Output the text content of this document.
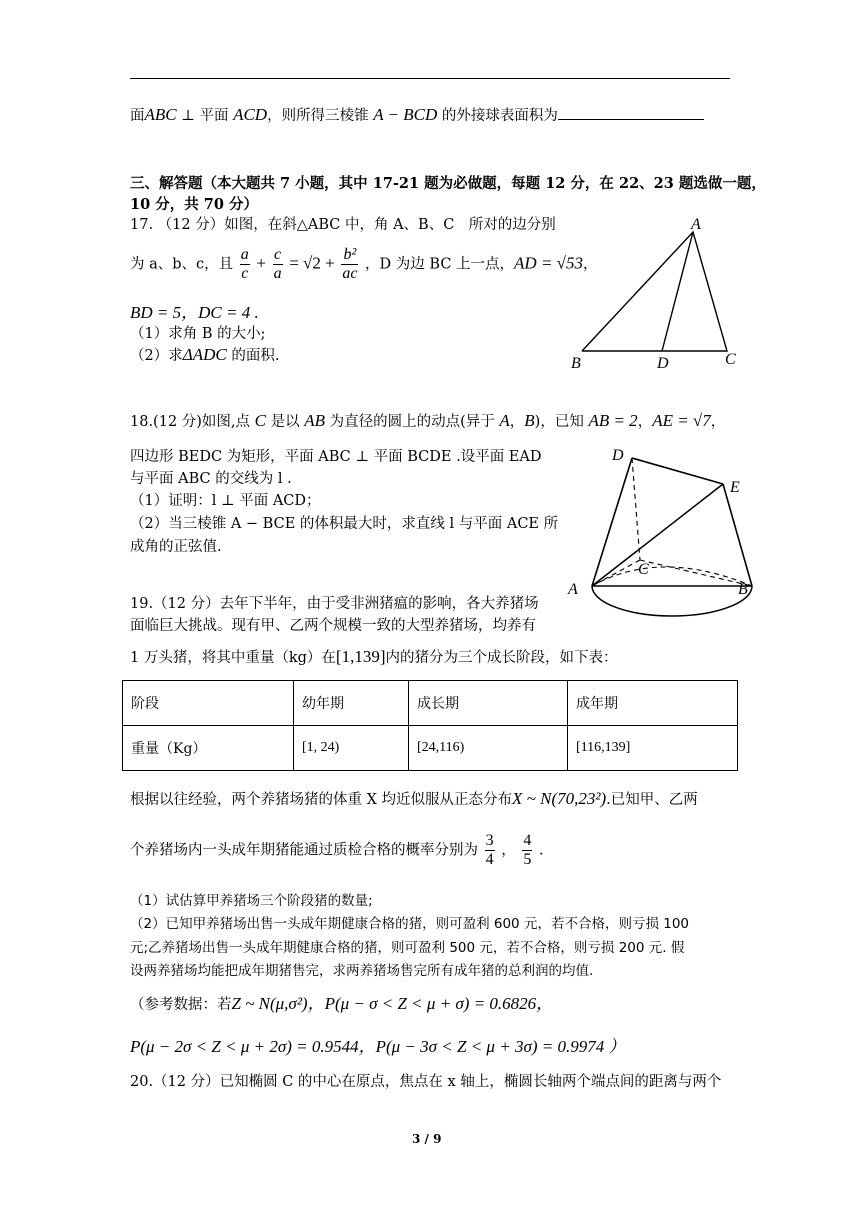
面ABC ⊥ 平面 ACD，则所得三棱锥 A − BCD 的外接球表面积为
三、解答题（本大题共 7 小题，其中 17-21 题为必做题，每题 12 分，在 22、23 题选做一题，
10 分，共 70 分）
17. （12 分）如图，在斜△ABC 中，角 A、B、C　所对的边分别
为 a、b、c，且 $\frac{a}{c} + \frac{c}{a} = √2 + \frac{\text{b²}}{ac}$ ，D 为边 BC 上一点，AD = √53，
BD = 5，DC = 4 .
（1）求角 B 的大小;
（2）求ΔADC 的面积.
A
B	D	C
18.(12 分)如图,点 C 是以 AB 为直径的圆上的动点(异于 A，B)，已知 AB = 2，AE = √7，
四边形 BEDC 为矩形，平面 ABC ⊥ 平面 BCDE .设平面 EAD
与平面 ABC 的交线为 l .
（1）证明：l ⊥ 平面 ACD；
（2）当三棱锥 A − BCE 的体积最大时，求直线 l 与平面 ACE 所
成角的正弦值.
D
E
A
C
B
19.（12 分）去年下半年，由于受非洲猪瘟的影响，各大养猪场
面临巨大挑战。现有甲、乙两个规模一致的大型养猪场，均养有
1 万头猪，将其中重量（kg）在[1,139]内的猪分为三个成长阶段，如下表：
阶段	幼年期	成长期	成年期
重量（Kg）	[1, 24)	[24,116)	[116,139]
根据以往经验，两个养猪场猪的体重 X 均近似服从正态分布X ~ N(70,23²).已知甲、乙两
个养猪场内一头成年期猪能通过质检合格的概率分别为 $\frac{3}{4}$ ， $\frac{4}{5}$ .
（1）试估算甲养猪场三个阶段猪的数量;
（2）已知甲养猪场出售一头成年期健康合格的猪，则可盈利 600 元，若不合格，则亏损 100
元;乙养猪场出售一头成年期健康合格的猪，则可盈利 500 元，若不合格，则亏损 200 元. 假
设两养猪场均能把成年期猪售完，求两养猪场售完所有成年猪的总利润的均值.
（参考数据：若Z ~ N(μ,σ²)，P(μ − σ < Z < μ + σ) = 0.6826，
P(μ − 2σ < Z < μ + 2σ) = 0.9544，P(μ − 3σ < Z < μ + 3σ) = 0.9974 ）
20.（12 分）已知椭圆 C 的中心在原点，焦点在 x 轴上，椭圆长轴两个端点间的距离与两个
3 / 9
